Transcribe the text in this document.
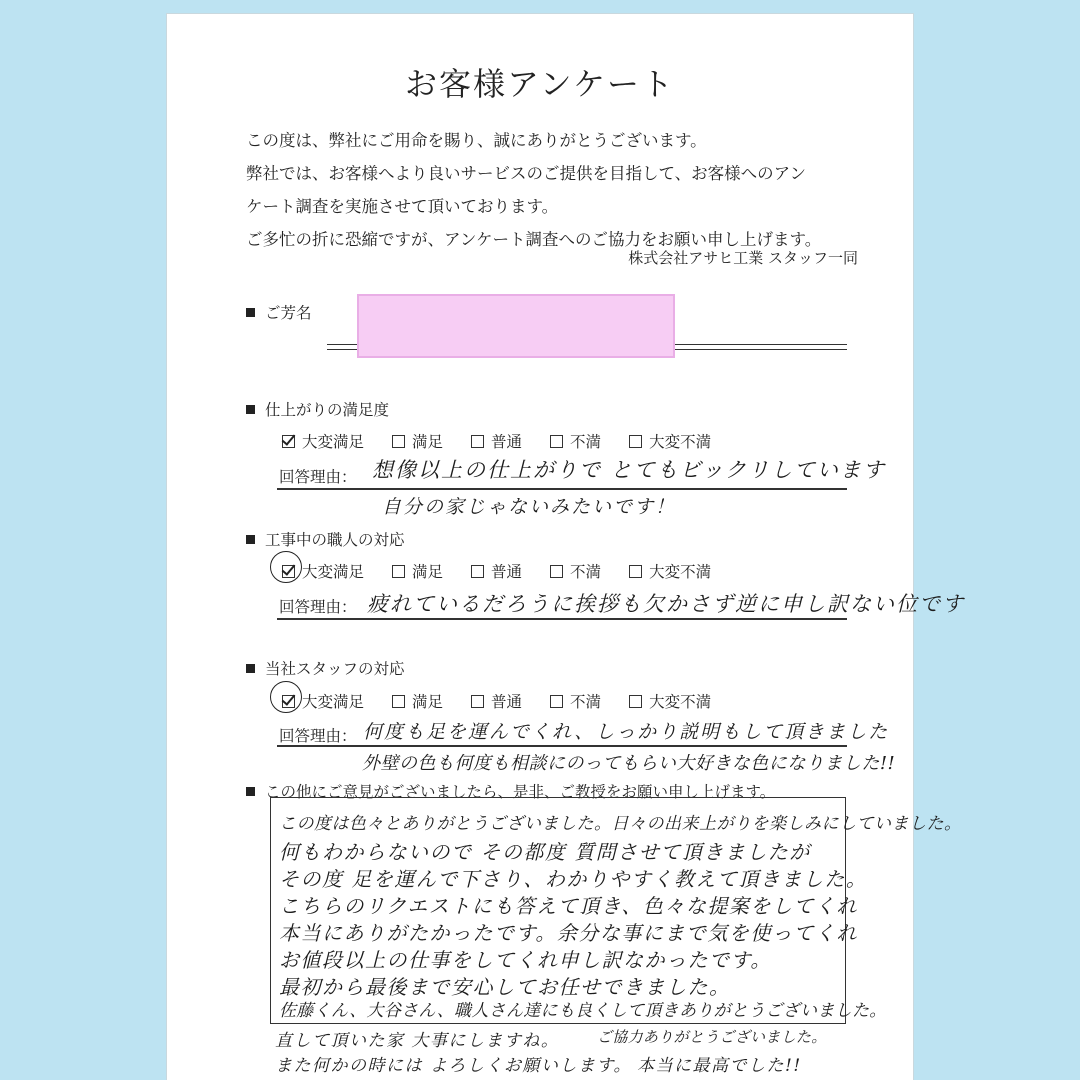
お客様アンケート
この度は、弊社にご用命を賜り、誠にありがとうございます。
弊社では、お客様へより良いサービスのご提供を目指して、お客様へのアン
ケート調査を実施させて頂いております。
ご多忙の折に恐縮ですが、アンケート調査へのご協力をお願い申し上げます。
株式会社アサヒ工業 スタッフ一同
ご芳名
仕上がりの満足度
大変満足	満足	普通	不満	大変不満
回答理由： 想像以上の仕上がりで とてもビックリしています
自分の家じゃないみたいです！
工事中の職人の対応
大変満足	満足	普通	不満	大変不満
回答理由： 疲れているだろうに挨拶も欠かさず逆に申し訳ない位です
当社スタッフの対応
大変満足	満足	普通	不満	大変不満
回答理由： 何度も足を運んでくれ、しっかり説明もして頂きました
外壁の色も何度も相談にのってもらい大好きな色になりました!!
この他にご意見がございましたら、是非、ご教授をお願い申し上げます。
この度は色々とありがとうございました。日々の出来上がりを楽しみにしていました。
何もわからないので その都度 質問させて頂きましたが
その度 足を運んで下さり、わかりやすく教えて頂きました。
こちらのリクエストにも答えて頂き、色々な提案をしてくれ
本当にありがたかったです。余分な事にまで気を使ってくれ
お値段以上の仕事をしてくれ申し訳なかったです。
最初から最後まで安心してお任せできました。
佐藤くん、大谷さん、職人さん達にも良くして頂きありがとうございました。
直して頂いた家 大事にしますね。
また何かの時には よろしくお願いします。
ご協力ありがとうございました。
本当に最高でした!!
